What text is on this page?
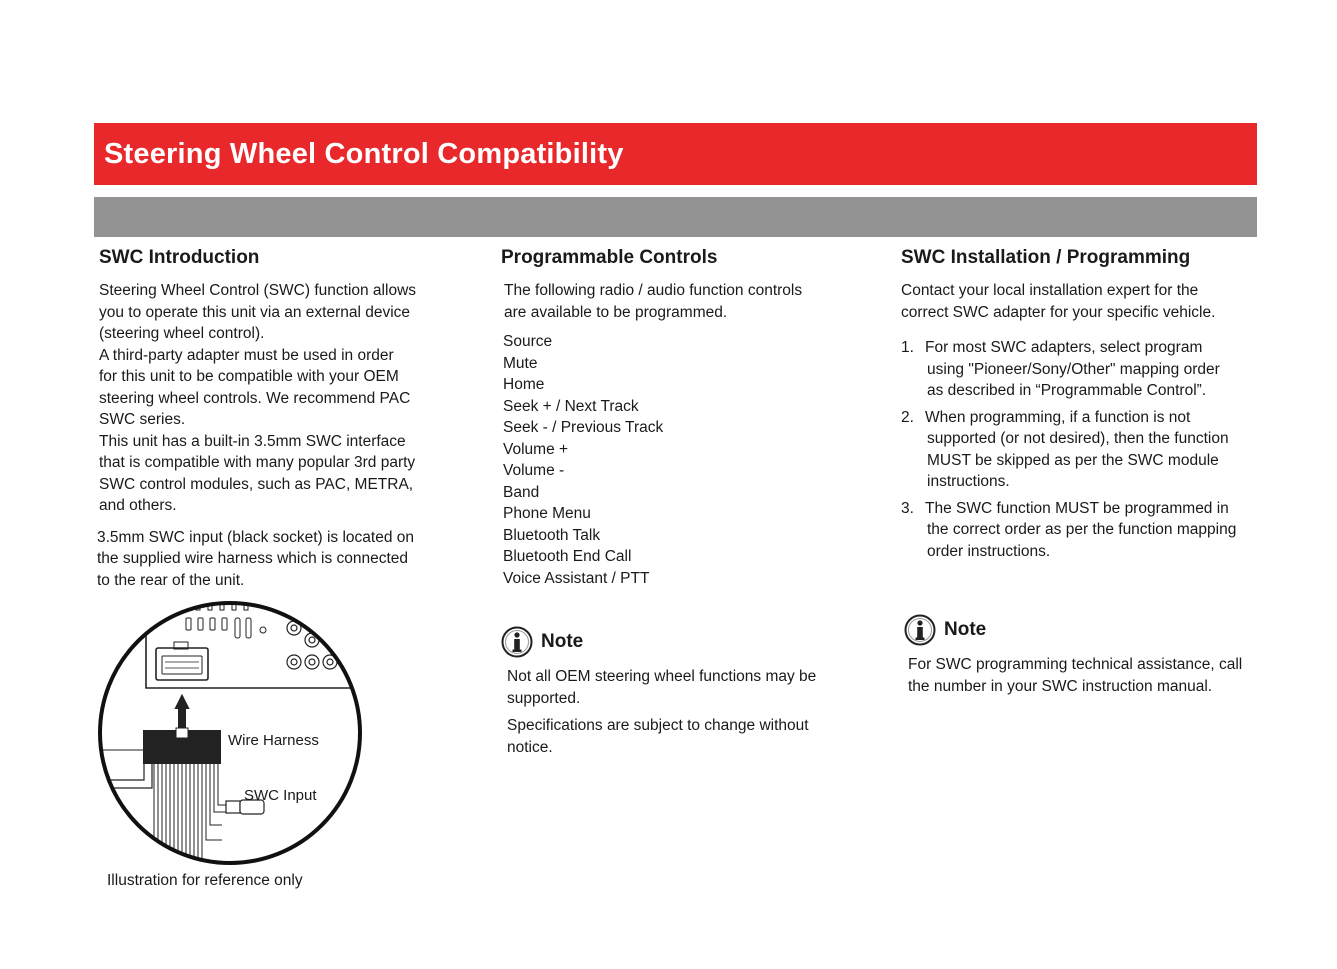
Steering Wheel Control Compatibility
SWC Introduction

Steering Wheel Control (SWC) function allows
you to operate this unit via an external device
(steering wheel control).
A third-party adapter must be used in order
for this unit to be compatible with your OEM
steering wheel controls. We recommend PAC
SWC series.
This unit has a built-in 3.5mm SWC interface
that is compatible with many popular 3rd party
SWC control modules, such as PAC, METRA,
and others.

3.5mm SWC input (black socket) is located on
the supplied wire harness which is connected
to the rear of the unit.

Wire Harness
SWC Input
Illustration for reference only
Programmable Controls

The following radio / audio function controls
are available to be programmed.

Source
Mute
Home
Seek + / Next Track
Seek - / Previous Track
Volume +
Volume -
Band
Phone Menu
Bluetooth Talk
Bluetooth End Call
Voice Assistant / PTT
Note

Not all OEM steering wheel functions may be
supported.

Specifications are subject to change without
notice.

SWC Installation / Programming

Contact your local installation expert for the
correct SWC adapter for your specific vehicle.

1. For most SWC adapters, select program
using "Pioneer/Sony/Other" mapping order
as described in “Programmable Control”.
2. When programming, if a function is not
supported (or not desired), then the function
MUST be skipped as per the SWC module
instructions.
3. The SWC function MUST be programmed in
the correct order as per the function mapping
order instructions.
Note

For SWC programming technical assistance, call
the number in your SWC instruction manual.
